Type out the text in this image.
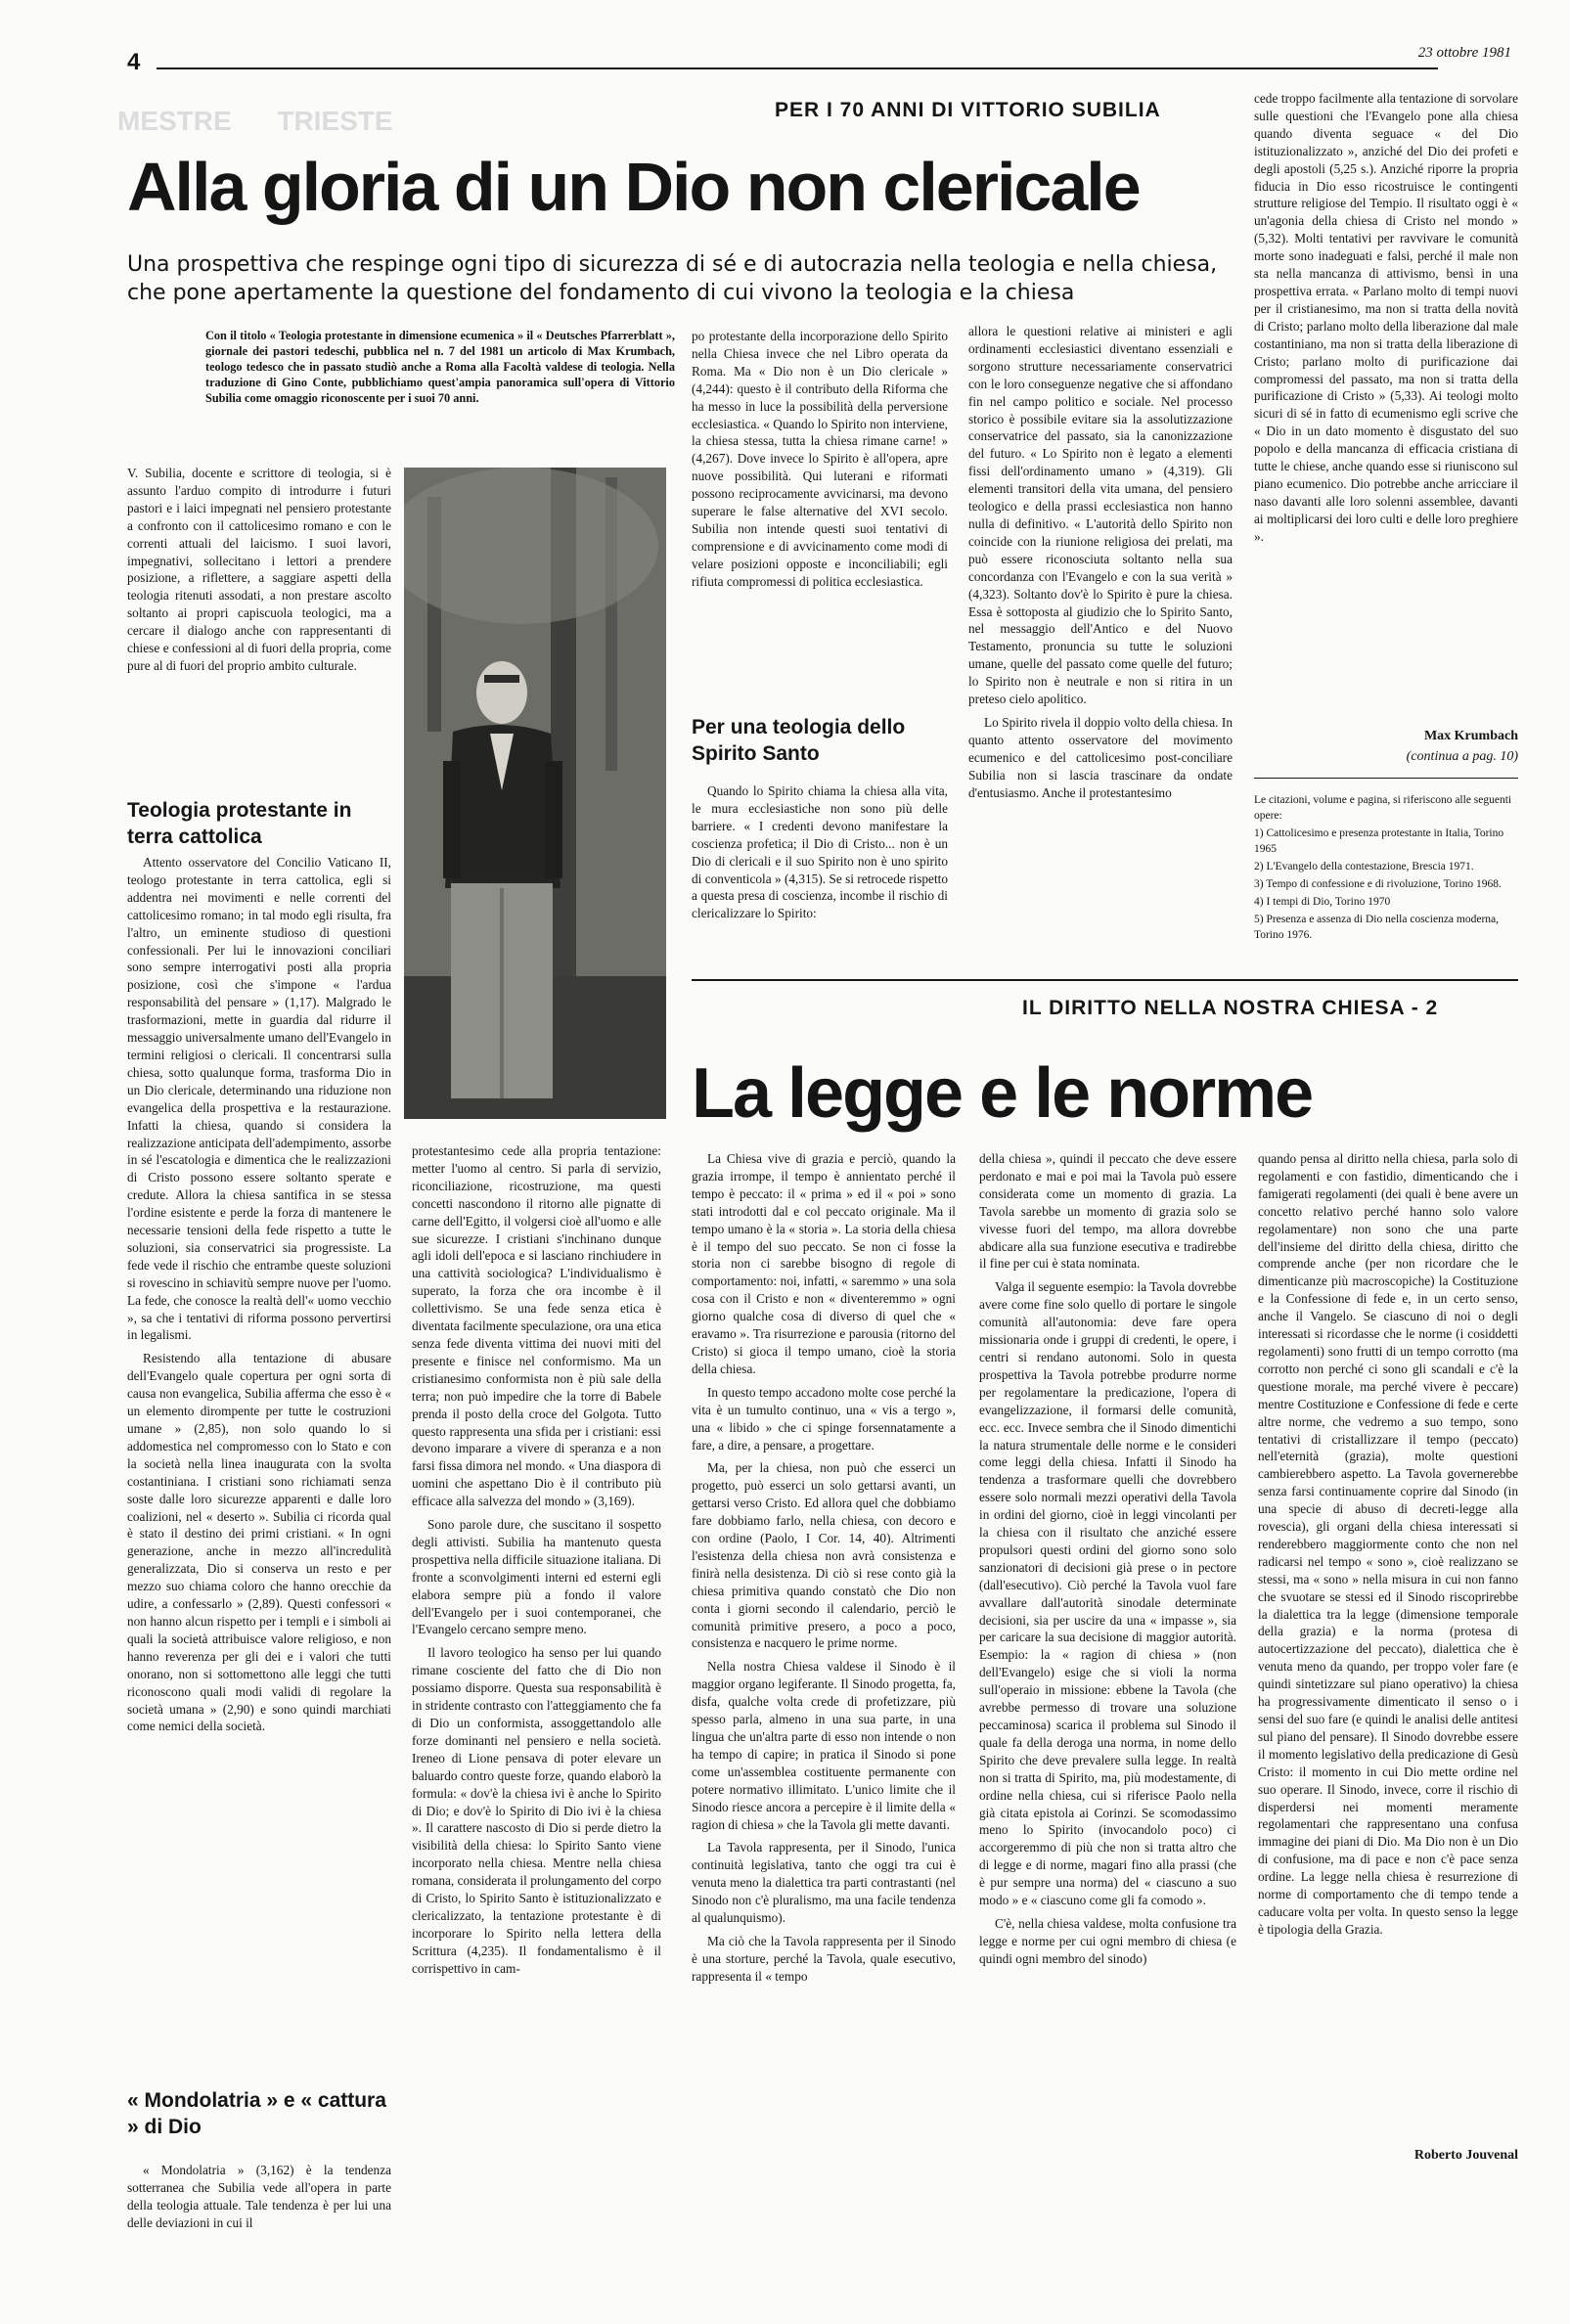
4	23 ottobre 1981
MESTRE      TRIESTE	PER I 70 ANNI DI VITTORIO SUBILIA
Alla gloria di un Dio non clericale
Una prospettiva che respinge ogni tipo di sicurezza di sé e di autocrazia nella teologia e nella chiesa, che pone apertamente la questione del fondamento di cui vivono la teologia e la chiesa
Con il titolo « Teologia protestante in dimensione ecumenica » il « Deutsches Pfarrerblatt », giornale dei pastori tedeschi, pubblica nel n. 7 del 1981 un articolo di Max Krumbach, teologo tedesco che in passato studiò anche a Roma alla Facoltà valdese di teologia. Nella traduzione di Gino Conte, pubblichiamo quest'ampia panoramica sull'opera di Vittorio Subilia come omaggio riconoscente per i suoi 70 anni.

V. Subilia, docente e scrittore di teologia, si è assunto l'arduo compito di introdurre i futuri pastori e i laici impegnati nel pensiero protestante a confronto con il cattolicesimo romano e con le correnti attuali del laicismo. I suoi lavori, impegnativi, sollecitano i lettori a prendere posizione, a riflettere, a saggiare aspetti della teologia ritenuti assodati, a non prestare ascolto soltanto ai propri capiscuola teologici, ma a cercare il dialogo anche con rappresentanti di chiese e confessioni al di fuori della propria, come pure al di fuori del proprio ambito culturale.

Teologia protestante in terra cattolica

Attento osservatore del Concilio Vaticano II, teologo protestante in terra cattolica, egli si addentra nei movimenti e nelle correnti del cattolicesimo romano; in tal modo egli risulta, fra l'altro, un eminente studioso di questioni confessionali. Per lui le innovazioni conciliari sono sempre interrogativi posti alla propria posizione, così che s'impone « l'ardua responsabilità del pensare » (1,17). Malgrado le trasformazioni, mette in guardia dal ridurre il messaggio universalmente umano dell'Evangelo in termini religiosi o clericali. Il concentrarsi sulla chiesa, sotto qualunque forma, trasforma Dio in un Dio clericale, determinando una riduzione non evangelica della prospettiva e la restaurazione. Infatti la chiesa, quando si considera la realizzazione anticipata dell'adempimento, assorbe in sé l'escatologia e dimentica che le realizzazioni di Cristo possono essere soltanto sperate e credute. Allora la chiesa santifica in se stessa l'ordine esistente e perde la forza di mantenere le necessarie tensioni della fede rispetto a tutte le soluzioni, sia conservatrici sia progressiste. La fede vede il rischio che entrambe queste soluzioni si rovescino in schiavitù sempre nuove per l'uomo. La fede, che conosce la realtà dell'« uomo vecchio », sa che i tentativi di riforma possono pervertirsi in legalismi.

Resistendo alla tentazione di abusare dell'Evangelo quale copertura per ogni sorta di causa non evangelica, Subilia afferma che esso è « un elemento dirompente per tutte le costruzioni umane » (2,85), non solo quando lo si addomestica nel compromesso con lo Stato e con la società nella linea inaugurata con la svolta costantiniana. I cristiani sono richiamati senza soste dalle loro sicurezze apparenti e dalle loro coalizioni, nel « deserto ». Subilia ci ricorda qual è stato il destino dei primi cristiani. « In ogni generazione, anche in mezzo all'incredulità generalizzata, Dio si conserva un resto e per mezzo suo chiama coloro che hanno orecchie da udire, a confessarlo » (2,89). Questi confessori « non hanno alcun rispetto per i templi e i simboli ai quali la società attribuisce valore religioso, e non hanno reverenza per gli dei e i valori che tutti onorano, non si sottomettono alle leggi che tutti riconoscono quali modi validi di regolare la società umana » (2,90) e sono quindi marchiati come nemici della società.

« Mondolatria » e « cattura » di Dio

« Mondolatria » (3,162) è la tendenza sotterranea che Subilia vede all'opera in parte della teologia attuale. Tale tendenza è per lui una delle deviazioni in cui il

protestantesimo cede alla propria tentazione: metter l'uomo al centro. Si parla di servizio, riconciliazione, ricostruzione, ma questi concetti nascondono il ritorno alle pignatte di carne dell'Egitto, il volgersi cioè all'uomo e alle sue sicurezze. I cristiani s'inchinano dunque agli idoli dell'epoca e si lasciano rinchiudere in una cattività sociologica? L'individualismo è superato, la forza che ora incombe è il collettivismo. Se una fede senza etica è diventata facilmente speculazione, ora una etica senza fede diventa vittima dei nuovi miti del presente e finisce nel conformismo. Ma un cristianesimo conformista non è più sale della terra; non può impedire che la torre di Babele prenda il posto della croce del Golgota. Tutto questo rappresenta una sfida per i cristiani: essi devono imparare a vivere di speranza e a non farsi fissa dimora nel mondo. « Una diaspora di uomini che aspettano Dio è il contributo più efficace alla salvezza del mondo » (3,169).

Sono parole dure, che suscitano il sospetto degli attivisti. Subilia ha mantenuto questa prospettiva nella difficile situazione italiana. Di fronte a sconvolgimenti interni ed esterni egli elabora sempre più a fondo il valore dell'Evangelo per i suoi contemporanei, che l'Evangelo cercano sempre meno.

Il lavoro teologico ha senso per lui quando rimane cosciente del fatto che di Dio non possiamo disporre. Questa sua responsabilità è in stridente contrasto con l'atteggiamento che fa di Dio un conformista, assoggettandolo alle forze dominanti nel pensiero e nella società. Ireneo di Lione pensava di poter elevare un baluardo contro queste forze, quando elaborò la formula: « dov'è la chiesa ivi è anche lo Spirito di Dio; e dov'è lo Spirito di Dio ivi è la chiesa ». Il carattere nascosto di Dio si perde dietro la visibilità della chiesa: lo Spirito Santo viene incorporato nella chiesa. Mentre nella chiesa romana, considerata il prolungamento del corpo di Cristo, lo Spirito Santo è istituzionalizzato e clericalizzato, la tentazione protestante è di incorporare lo Spirito nella lettera della Scrittura (4,235). Il fondamentalismo è il corrispettivo in cam-

po protestante della incorporazione dello Spirito nella Chiesa invece che nel Libro operata da Roma. Ma « Dio non è un Dio clericale » (4,244): questo è il contributo della Riforma che ha messo in luce la possibilità della perversione ecclesiastica. « Quando lo Spirito non interviene, la chiesa stessa, tutta la chiesa rimane carne! » (4,267). Dove invece lo Spirito è all'opera, apre nuove possibilità. Qui luterani e riformati possono reciprocamente avvicinarsi, ma devono superare le false alternative del XVI secolo. Subilia non intende questi suoi tentativi di comprensione e di avvicinamento come modi di velare posizioni opposte e inconciliabili; egli rifiuta compromessi di politica ecclesiastica.

Per una teologia dello Spirito Santo

Quando lo Spirito chiama la chiesa alla vita, le mura ecclesiastiche non sono più delle barriere. « I credenti devono manifestare la coscienza profetica; il Dio di Cristo... non è un Dio di clericali e il suo Spirito non è uno spirito di conventicola » (4,315). Se si retrocede rispetto a questa presa di coscienza, incombe il rischio di clericalizzare lo Spirito:

allora le questioni relative ai ministeri e agli ordinamenti ecclesiastici diventano essenziali e sorgono strutture necessariamente conservatrici con le loro conseguenze negative che si affondano fin nel campo politico e sociale. Nel processo storico è possibile evitare sia la assolutizzazione conservatrice del passato, sia la canonizzazione del futuro. « Lo Spirito non è legato a elementi fissi dell'ordinamento umano » (4,319). Gli elementi transitori della vita umana, del pensiero teologico e della prassi ecclesiastica non hanno nulla di definitivo. « L'autorità dello Spirito non coincide con la riunione religiosa dei prelati, ma può essere riconosciuta soltanto nella sua concordanza con l'Evangelo e con la sua verità » (4,323). Soltanto dov'è lo Spirito è pure la chiesa. Essa è sottoposta al giudizio che lo Spirito Santo, nel messaggio dell'Antico e del Nuovo Testamento, pronuncia su tutte le soluzioni umane, quelle del passato come quelle del futuro; lo Spirito non è neutrale e non si ritira in un preteso cielo apolitico.

Lo Spirito rivela il doppio volto della chiesa. In quanto attento osservatore del movimento ecumenico e del cattolicesimo post-conciliare Subilia non si lascia trascinare da ondate d'entusiasmo. Anche il protestantesimo

cede troppo facilmente alla tentazione di sorvolare sulle questioni che l'Evangelo pone alla chiesa quando diventa seguace « del Dio istituzionalizzato », anziché del Dio dei profeti e degli apostoli (5,25 s.). Anziché riporre la propria fiducia in Dio esso ricostruisce le contingenti strutture religiose del Tempio. Il risultato oggi è « un'agonia della chiesa di Cristo nel mondo » (5,32). Molti tentativi per ravvivare le comunità morte sono inadeguati e falsi, perché il male non sta nella mancanza di attivismo, bensì in una prospettiva errata. « Parlano molto di tempi nuovi per il cristianesimo, ma non si tratta della novità di Cristo; parlano molto della liberazione dal male costantiniano, ma non si tratta della liberazione di Cristo; parlano molto di purificazione dai compromessi del passato, ma non si tratta della purificazione di Cristo » (5,33). Ai teologi molto sicuri di sé in fatto di ecumenismo egli scrive che « Dio in un dato momento è disgustato del suo popolo e della mancanza di efficacia cristiana di tutte le chiese, anche quando esse si riuniscono sul piano ecumenico. Dio potrebbe anche arricciare il naso davanti alle loro solenni assemblee, davanti ai moltiplicarsi dei loro culti e delle loro preghiere ».

Max Krumbach
(continua a pag. 10)
Le citazioni, volume e pagina, si riferiscono alle seguenti opere:
1) Cattolicesimo e presenza protestante in Italia, Torino 1965
2) L'Evangelo della contestazione, Brescia 1971.
3) Tempo di confessione e di rivoluzione, Torino 1968.
4) I tempi di Dio, Torino 1970
5) Presenza e assenza di Dio nella coscienza moderna, Torino 1976.
IL DIRITTO NELLA NOSTRA CHIESA - 2
La legge e le norme

La Chiesa vive di grazia e perciò, quando la grazia irrompe, il tempo è annientato perché il tempo è peccato: il « prima » ed il « poi » sono stati introdotti dal e col peccato originale. Ma il tempo umano è la « storia ». La storia della chiesa è il tempo del suo peccato. Se non ci fosse la storia non ci sarebbe bisogno di regole di comportamento: noi, infatti, « saremmo » una sola cosa con il Cristo e non « diventeremmo » ogni giorno qualche cosa di diverso di quel che « eravamo ». Tra risurrezione e parousia (ritorno del Cristo) si gioca il tempo umano, cioè la storia della chiesa.

In questo tempo accadono molte cose perché la vita è un tumulto continuo, una « vis a tergo », una « libido » che ci spinge forsennatamente a fare, a dire, a pensare, a progettare.

Ma, per la chiesa, non può che esserci un progetto, può esserci un solo gettarsi avanti, un gettarsi verso Cristo. Ed allora quel che dobbiamo fare dobbiamo farlo, nella chiesa, con decoro e con ordine (Paolo, I Cor. 14, 40). Altrimenti l'esistenza della chiesa non avrà consistenza e finirà nella desistenza. Di ciò si rese conto già la chiesa primitiva quando constatò che Dio non conta i giorni secondo il calendario, perciò le comunità primitive presero, a poco a poco, consistenza e nacquero le prime norme.

Nella nostra Chiesa valdese il Sinodo è il maggior organo legiferante. Il Sinodo progetta, fa, disfa, qualche volta crede di profetizzare, più spesso parla, almeno in una sua parte, in una lingua che un'altra parte di esso non intende o non ha tempo di capire; in pratica il Sinodo si pone come un'assemblea costituente permanente con potere normativo illimitato. L'unico limite che il Sinodo riesce ancora a percepire è il limite della « ragion di chiesa » che la Tavola gli mette davanti.

La Tavola rappresenta, per il Sinodo, l'unica continuità legislativa, tanto che oggi tra cui è venuta meno la dialettica tra parti contrastanti (nel Sinodo non c'è pluralismo, ma una facile tendenza al qualunquismo).

Ma ciò che la Tavola rappresenta per il Sinodo è una storture, perché la Tavola, quale esecutivo, rappresenta il « tempo

della chiesa », quindi il peccato che deve essere perdonato e mai e poi mai la Tavola può essere considerata come un momento di grazia. La Tavola sarebbe un momento di grazia solo se vivesse fuori del tempo, ma allora dovrebbe abdicare alla sua funzione esecutiva e tradirebbe il fine per cui è stata nominata.

Valga il seguente esempio: la Tavola dovrebbe avere come fine solo quello di portare le singole comunità all'autonomia: deve fare opera missionaria onde i gruppi di credenti, le opere, i centri si rendano autonomi. Solo in questa prospettiva la Tavola potrebbe produrre norme per regolamentare la predicazione, l'opera di evangelizzazione, il formarsi delle comunità, ecc. ecc. Invece sembra che il Sinodo dimentichi la natura strumentale delle norme e le consideri come leggi della chiesa. Infatti il Sinodo ha tendenza a trasformare quelli che dovrebbero essere solo normali mezzi operativi della Tavola in ordini del giorno, cioè in leggi vincolanti per la chiesa con il risultato che anziché essere propulsori questi ordini del giorno sono solo sanzionatori di decisioni già prese o in pectore (dall'esecutivo). Ciò perché la Tavola vuol fare avvallare dall'autorità sinodale determinate decisioni, sia per uscire da una « impasse », sia per caricare la sua decisione di maggior autorità. Esempio: la « ragion di chiesa » (non dell'Evangelo) esige che si violi la norma sull'operaio in missione: ebbene la Tavola (che avrebbe permesso di trovare una soluzione peccaminosa) scarica il problema sul Sinodo il quale fa della deroga una norma, in nome dello Spirito che deve prevalere sulla legge. In realtà non si tratta di Spirito, ma, più modestamente, di ordine nella chiesa, cui si riferisce Paolo nella già citata epistola ai Corinzi. Se scomodassimo meno lo Spirito (invocandolo poco) ci accorgeremmo di più che non si tratta altro che di legge e di norme, magari fino alla prassi (che è pur sempre una norma) del « ciascuno a suo modo » e « ciascuno come gli fa comodo ».

C'è, nella chiesa valdese, molta confusione tra legge e norme per cui ogni membro di chiesa (e quindi ogni membro del sinodo)

quando pensa al diritto nella chiesa, parla solo di regolamenti e con fastidio, dimenticando che i famigerati regolamenti (dei quali è bene avere un concetto relativo perché hanno solo valore regolamentare) non sono che una parte dell'insieme del diritto della chiesa, diritto che comprende anche (per non ricordare che le dimenticanze più macroscopiche) la Costituzione e la Confessione di fede e, in un certo senso, anche il Vangelo. Se ciascuno di noi o degli interessati si ricordasse che le norme (i cosiddetti regolamenti) sono frutti di un tempo corrotto (ma corrotto non perché ci sono gli scandali e c'è la questione morale, ma perché vivere è peccare) mentre Costituzione e Confessione di fede e certe altre norme, che vedremo a suo tempo, sono tentativi di cristallizzare il tempo (peccato) nell'eternità (grazia), molte questioni cambierebbero aspetto. La Tavola governerebbe senza farsi continuamente coprire dal Sinodo (in una specie di abuso di decreti-legge alla rovescia), gli organi della chiesa interessati si renderebbero maggiormente conto che non nel radicarsi nel tempo « sono », cioè realizzano se stessi, ma « sono » nella misura in cui non fanno che svuotare se stessi ed il Sinodo riscoprirebbe la dialettica tra la legge (dimensione temporale della grazia) e la norma (protesa di autocertizzazione del peccato), dialettica che è venuta meno da quando, per troppo voler fare (e quindi sintetizzare sul piano operativo) la chiesa ha progressivamente dimenticato il senso o i sensi del suo fare (e quindi le analisi delle antitesi sul piano del pensare). Il Sinodo dovrebbe essere il momento legislativo della predicazione di Gesù Cristo: il momento in cui Dio mette ordine nel suo operare. Il Sinodo, invece, corre il rischio di disperdersi nei momenti meramente regolamentari che rappresentano una confusa immagine dei piani di Dio. Ma Dio non è un Dio di confusione, ma di pace e non c'è pace senza ordine. La legge nella chiesa è resurrezione di norme di comportamento che di tempo tende a caducare volta per volta. In questo senso la legge è tipologia della Grazia.

Roberto Jouvenal
